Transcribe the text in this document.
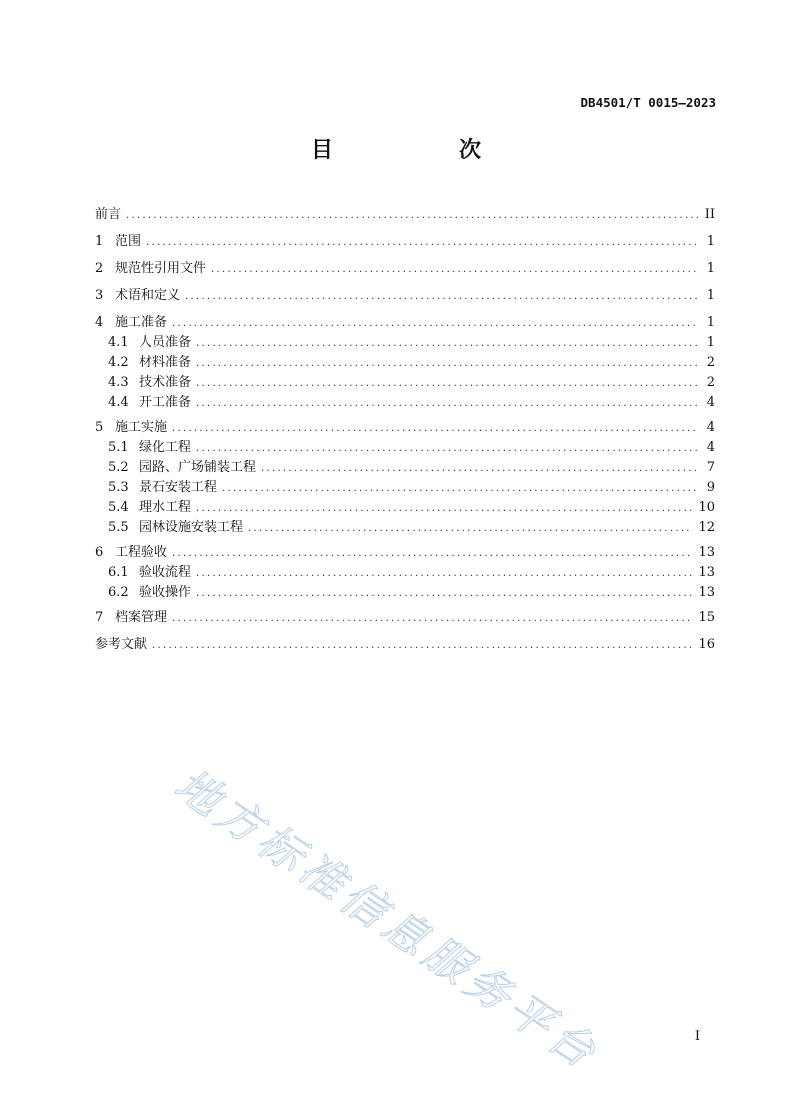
DB4501/T 0015—2023
目　次
前言 .....	II
1 范围 .....	1
2 规范性引用文件 .....	1
3 术语和定义 .....	1
4 施工准备 .....	1
4.1 人员准备 .....	1
4.2 材料准备 .....	2
4.3 技术准备 .....	2
4.4 开工准备 .....	4
5 施工实施 .....	4
5.1 绿化工程 .....	4
5.2 园路、广场铺装工程 .....	7
5.3 景石安装工程 .....	9
5.4 理水工程 .....	10
5.5 园林设施安装工程 .....	12
6 工程验收 .....	13
6.1 验收流程 .....	13
6.2 验收操作 .....	13
7 档案管理 .....	15
参考文献 .....	16
地方标准信息服务平台	I
